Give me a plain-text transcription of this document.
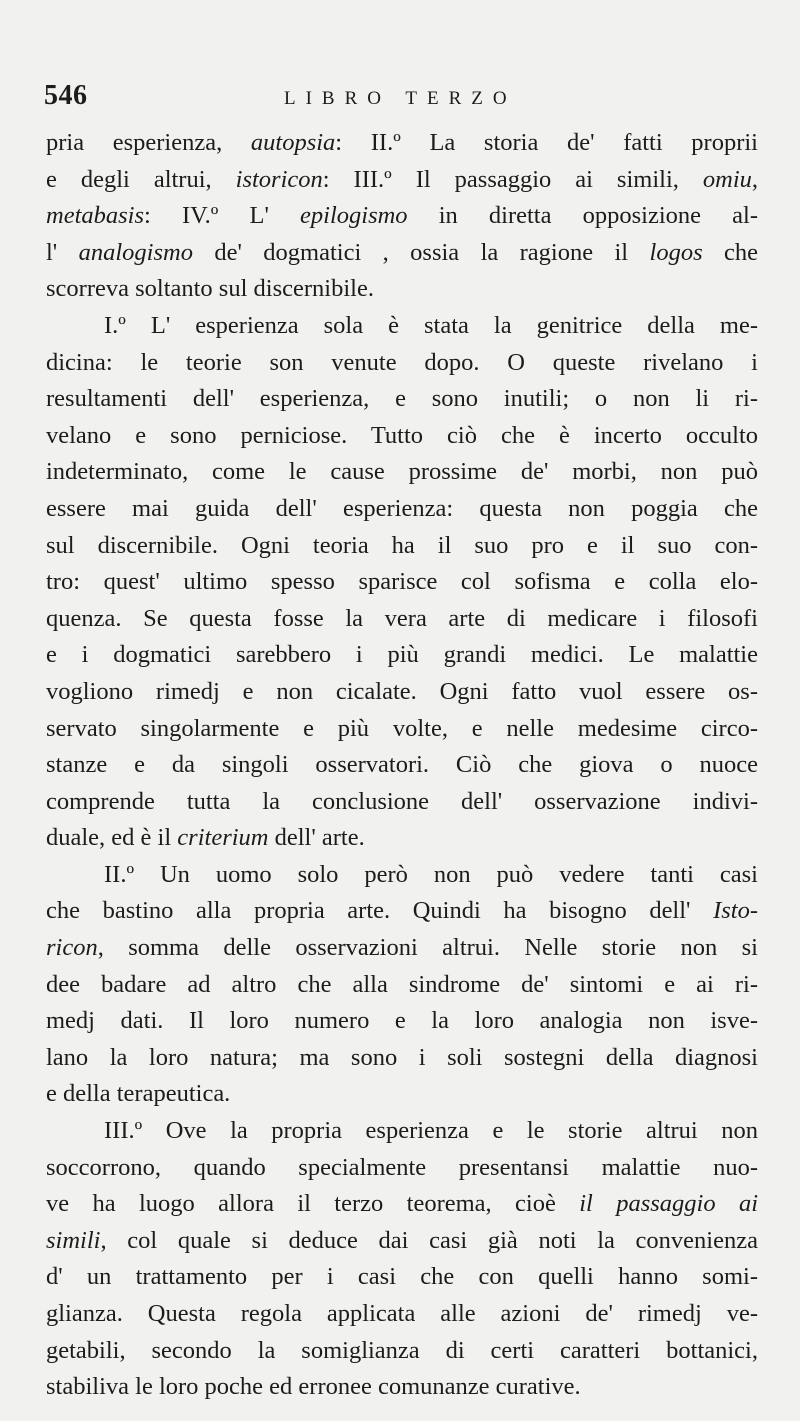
546	LIBRO TERZO
pria esperienza, autopsia: II.º La storia de' fatti proprii
e degli altrui, istoricon: III.º Il passaggio ai simili, omiu,
metabasis: IV.º L' epilogismo in diretta opposizione al-
l' analogismo de' dogmatici , ossia la ragione il logos che
scorreva soltanto sul discernibile.
I.º L' esperienza sola è stata la genitrice della me-
dicina: le teorie son venute dopo. O queste rivelano i
resultamenti dell' esperienza, e sono inutili; o non li ri-
velano e sono perniciose. Tutto ciò che è incerto occulto
indeterminato, come le cause prossime de' morbi, non può
essere mai guida dell' esperienza: questa non poggia che
sul discernibile. Ogni teoria ha il suo pro e il suo con-
tro: quest' ultimo spesso sparisce col sofisma e colla elo-
quenza. Se questa fosse la vera arte di medicare i filosofi
e i dogmatici sarebbero i più grandi medici. Le malattie
vogliono rimedj e non cicalate. Ogni fatto vuol essere os-
servato singolarmente e più volte, e nelle medesime circo-
stanze e da singoli osservatori. Ciò che giova o nuoce
comprende tutta la conclusione dell' osservazione indivi-
duale, ed è il criterium dell' arte.
II.º Un uomo solo però non può vedere tanti casi
che bastino alla propria arte. Quindi ha bisogno dell' Isto-
ricon, somma delle osservazioni altrui. Nelle storie non si
dee badare ad altro che alla sindrome de' sintomi e ai ri-
medj dati. Il loro numero e la loro analogia non isve-
lano la loro natura; ma sono i soli sostegni della diagnosi
e della terapeutica.
III.º Ove la propria esperienza e le storie altrui non
soccorrono, quando specialmente presentansi malattie nuo-
ve ha luogo allora il terzo teorema, cioè il passaggio ai
simili, col quale si deduce dai casi già noti la convenienza
d' un trattamento per i casi che con quelli hanno somi-
glianza. Questa regola applicata alle azioni de' rimedj ve-
getabili, secondo la somiglianza di certi caratteri bottanici,
stabiliva le loro poche ed erronee comunanze curative.
